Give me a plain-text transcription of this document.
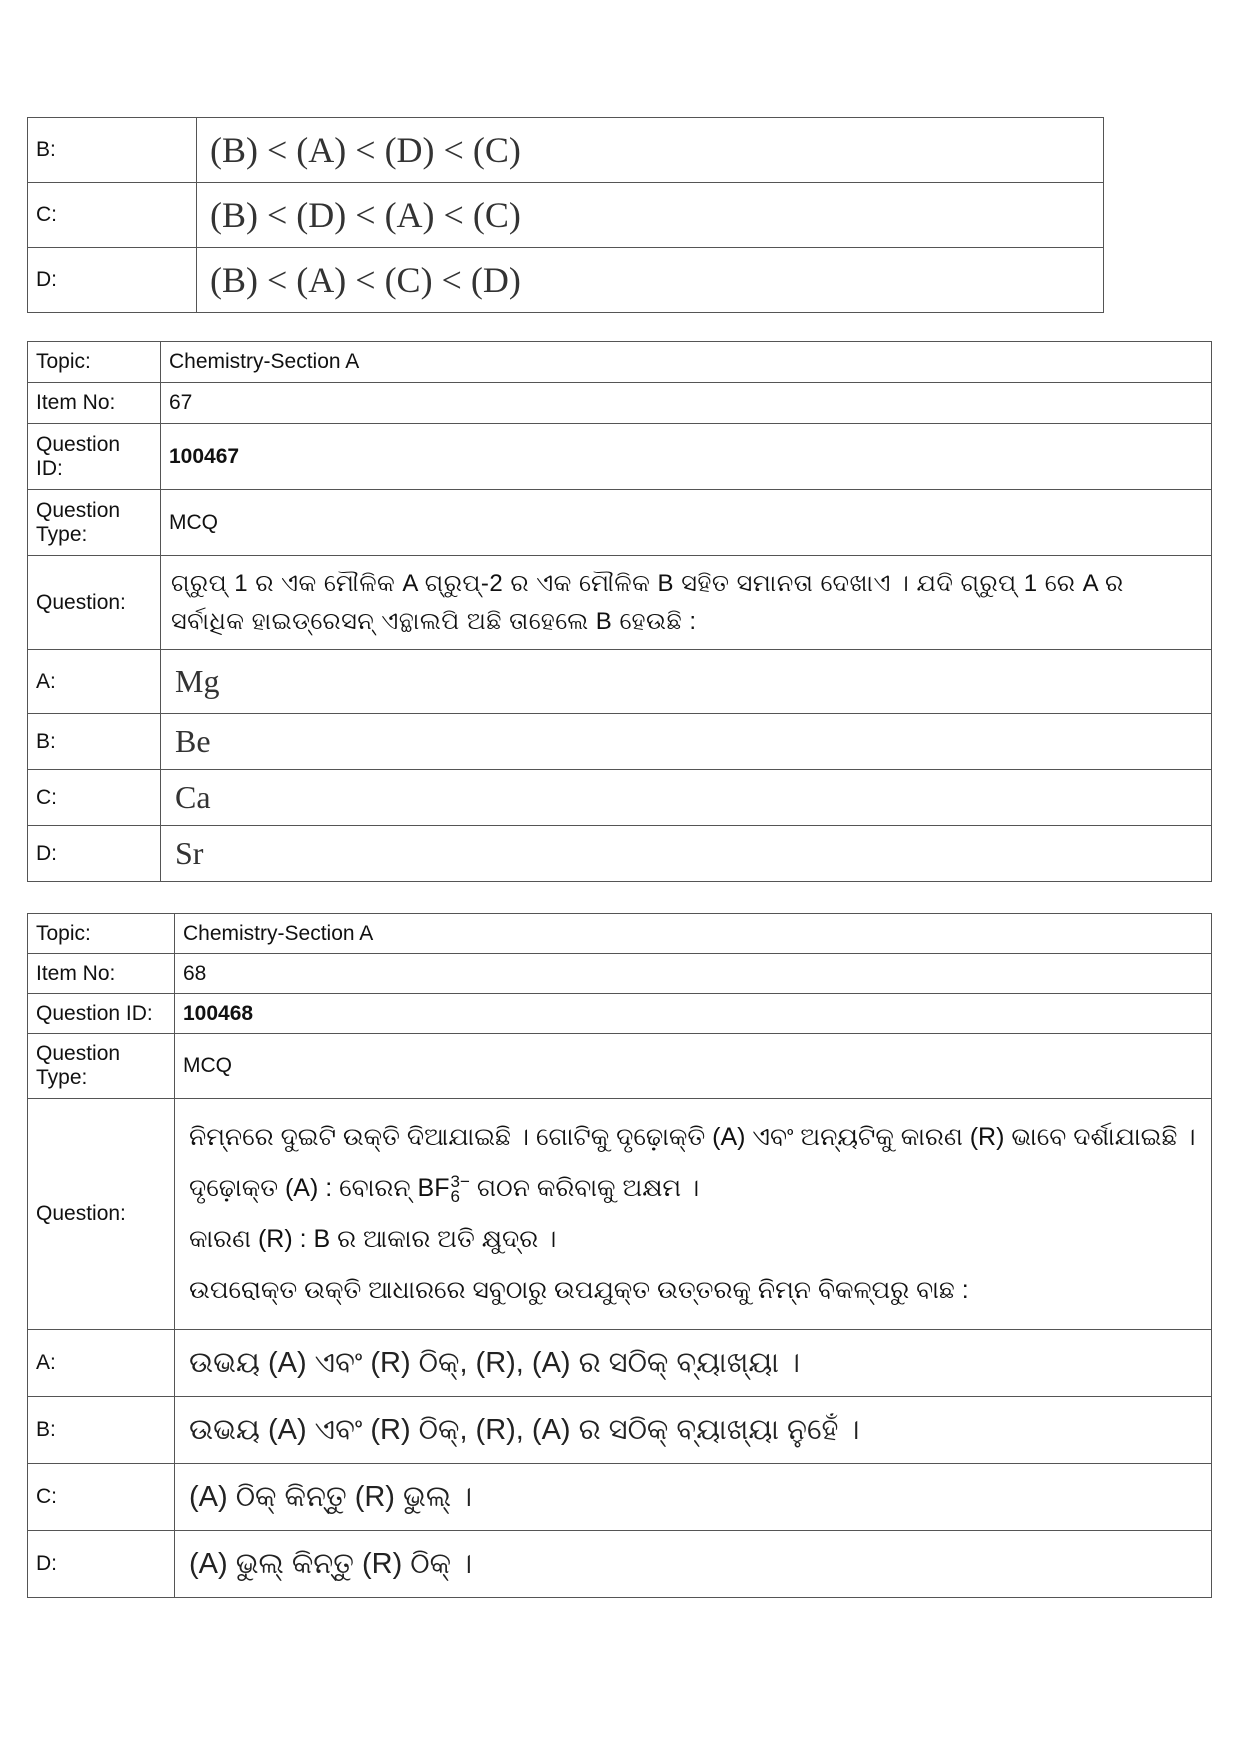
B:	(B) < (A) < (D) < (C)
C:	(B) < (D) < (A) < (C)
D:	(B) < (A) < (C) < (D)
Topic:	Chemistry-Section A
Item No:	67
Question ID:	100467
Question Type:	MCQ
Question:	ଗ୍ରୁପ୍ 1 ର ଏକ ମୌଳିକ A ଗ୍ରୁପ୍-2 ର ଏକ ମୌଳିକ B ସହିତ ସମାନତା ଦେଖାଏ । ଯଦି ଗ୍ରୁପ୍ 1 ରେ A ର ସର୍ବାଧିକ ହାଇଡ୍ରେସନ୍ ଏନ୍ଥାଲପି ଅଛି ତାହେଲେ B ହେଉଛି :
A:	Mg
B:	Be
C:	Ca
D:	Sr
Topic:	Chemistry-Section A
Item No:	68
Question ID:	100468
Question Type:	MCQ
Question:	ନିମ୍ନରେ ଦୁଇଟି ଉକ୍ତି ଦିଆଯାଇଛି । ଗୋଟିକୁ ଦୃଢ଼ୋକ୍ତି (A) ଏବଂ ଅନ୍ୟଟିକୁ କାରଣ (R) ଭାବେ ଦର୍ଶାଯାଇଛି ।
ଦୃଢ଼ୋକ୍ତ (A) : ବୋରନ୍ BF3−
6 ଗଠନ କରିବାକୁ ଅକ୍ଷମ ।
କାରଣ (R) : B ର ଆକାର ଅତି କ୍ଷୁଦ୍ର ।
ଉପରୋକ୍ତ ଉକ୍ତି ଆଧାରରେ ସବୁଠାରୁ ଉପଯୁକ୍ତ ଉତ୍ତରକୁ ନିମ୍ନ ବିକଳ୍ପରୁ ବାଛ :

A:	ଉଭୟ (A) ଏବଂ (R) ଠିକ୍, (R), (A) ର ସଠିକ୍ ବ୍ୟାଖ୍ୟା ।
B:	ଉଭୟ (A) ଏବଂ (R) ଠିକ୍, (R), (A) ର ସଠିକ୍ ବ୍ୟାଖ୍ୟା ନୁହେଁ ।
C:	(A) ଠିକ୍ କିନ୍ତୁ (R) ଭୁଲ୍ ।
D:	(A) ଭୁଲ୍ କିନ୍ତୁ (R) ଠିକ୍ ।
